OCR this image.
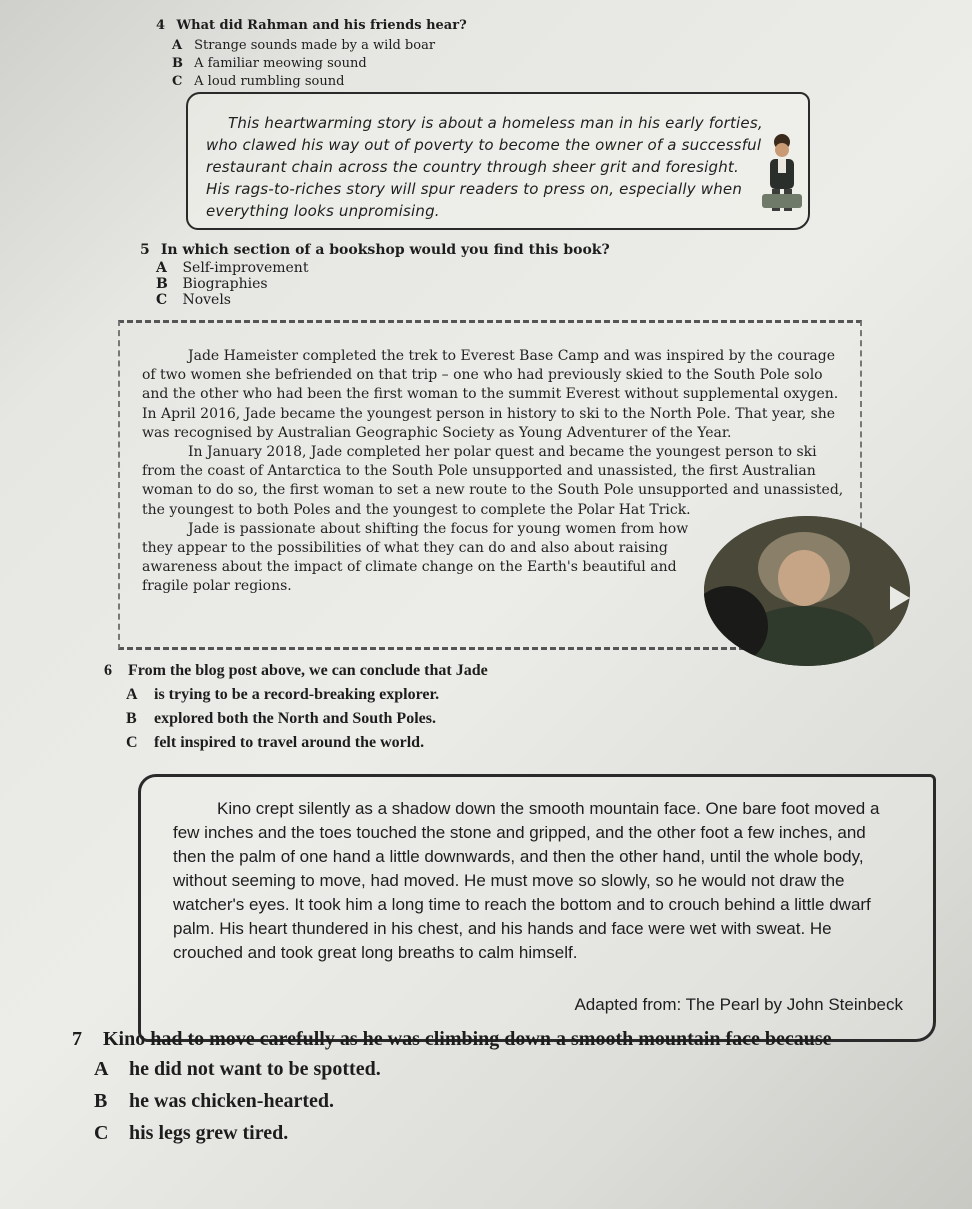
4 What did Rahman and his friends hear?
A Strange sounds made by a wild boar
B A familiar meowing sound
C A loud rumbling sound
This heartwarming story is about a homeless man in his early forties, who clawed his way out of poverty to become the owner of a successful restaurant chain across the country through sheer grit and foresight. His rags-to-riches story will spur readers to press on, especially when everything looks unpromising.
5 In which section of a bookshop would you find this book?
A Self-improvement
B Biographies
C Novels

Jade Hameister completed the trek to Everest Base Camp and was inspired by the courage of two women she befriended on that trip – one who had previously skied to the South Pole solo and the other who had been the first woman to the summit Everest without supplemental oxygen. In April 2016, Jade became the youngest person in history to ski to the North Pole. That year, she was recognised by Australian Geographic Society as Young Adventurer of the Year.

In January 2018, Jade completed her polar quest and became the youngest person to ski from the coast of Antarctica to the South Pole unsupported and unassisted, the first Australian woman to do so, the first woman to set a new route to the South Pole unsupported and unassisted, the youngest to both Poles and the youngest to complete the Polar Hat Trick.

Jade is passionate about shifting the focus for young women from how they appear to the possibilities of what they can do and also about raising awareness about the impact of climate change on the Earth's beautiful and fragile polar regions.

6 From the blog post above, we can conclude that Jade
A is trying to be a record-breaking explorer.
B explored both the North and South Poles.
C felt inspired to travel around the world.

Kino crept silently as a shadow down the smooth mountain face. One bare foot moved a few inches and the toes touched the stone and gripped, and the other foot a few inches, and then the palm of one hand a little downwards, and then the other hand, until the whole body, without seeming to move, had moved. He must move so slowly, so he would not draw the watcher's eyes. It took him a long time to reach the bottom and to crouch behind a little dwarf palm. His heart thundered in his chest, and his hands and face were wet with sweat. He crouched and took great long breaths to calm himself.

Adapted from: The Pearl by John Steinbeck
7 Kino had to move carefully as he was climbing down a smooth mountain face because
A he did not want to be spotted.
B he was chicken-hearted.
C his legs grew tired.
